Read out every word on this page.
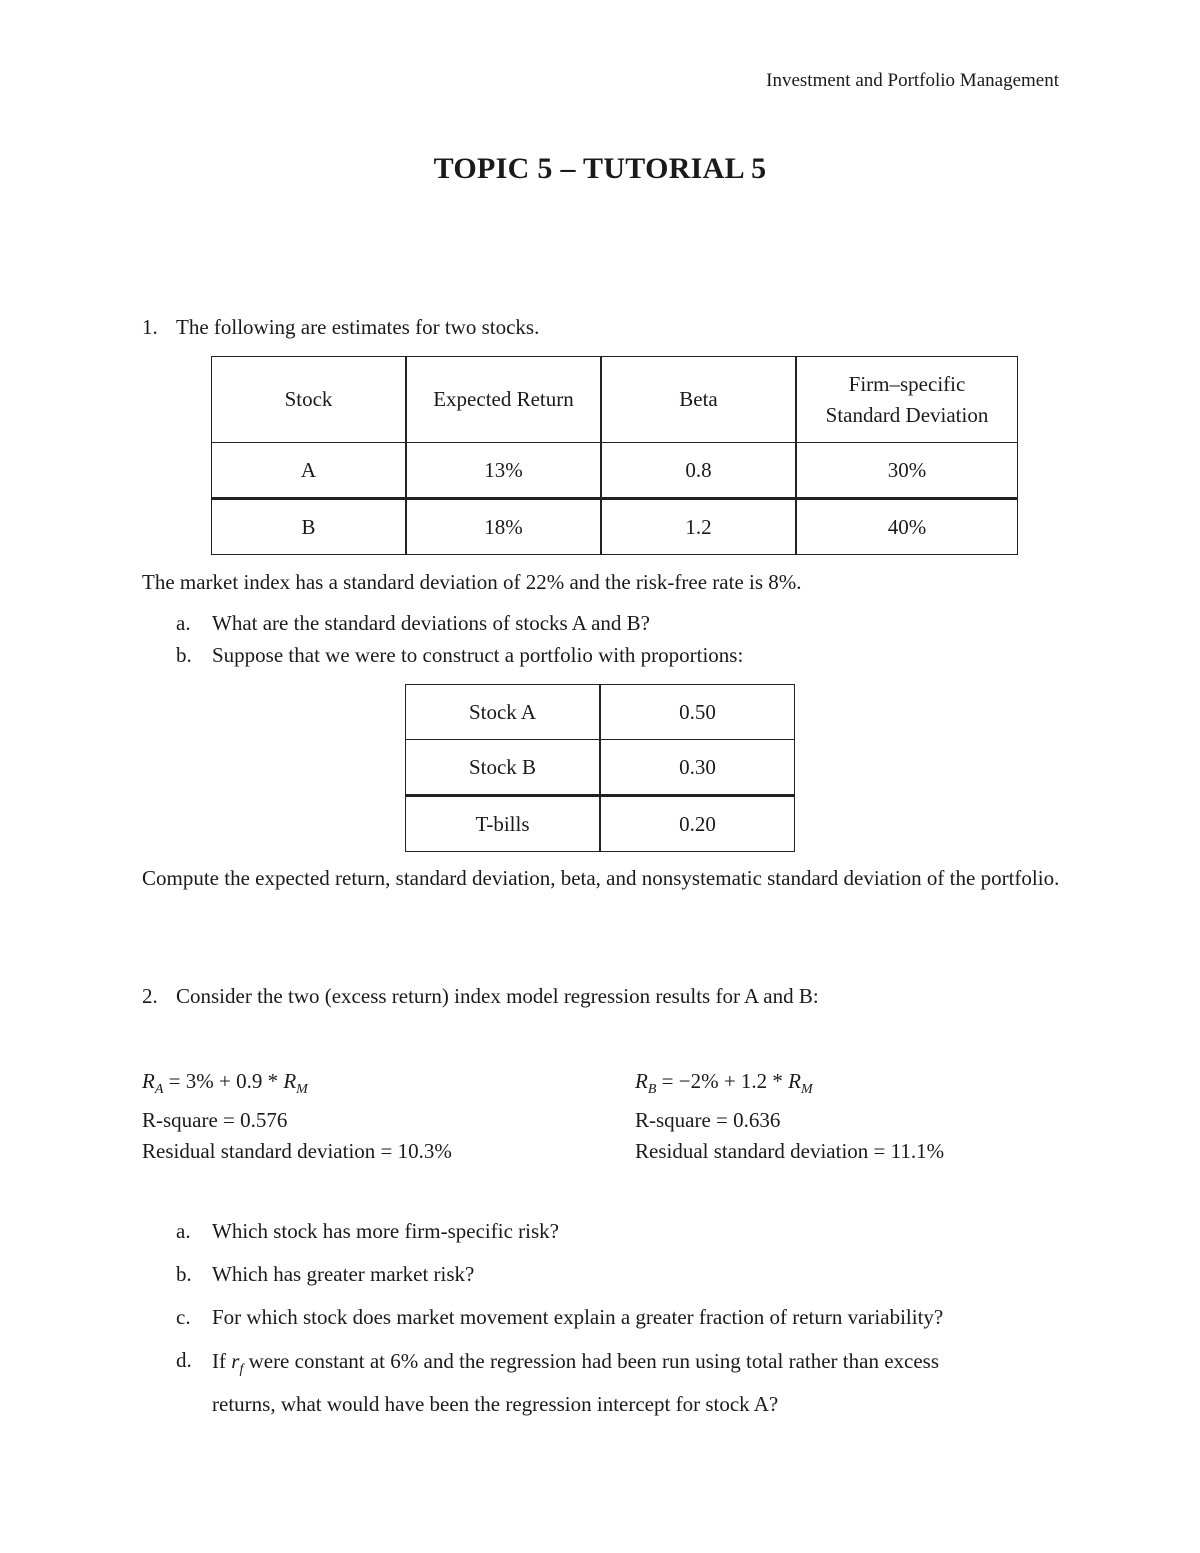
Investment and Portfolio Management
TOPIC 5 – TUTORIAL 5
1. The following are estimates for two stocks.
Stock	Expected Return	Beta	Firm–specific
Standard Deviation

A	13%	0.8	30%
B	18%	1.2	40%
The market index has a standard deviation of 22% and the risk-free rate is 8%.
a. What are the standard deviations of stocks A and B?
b. Suppose that we were to construct a portfolio with proportions:
Stock A	0.50
Stock B	0.30
T-bills	0.20
Compute the expected return, standard deviation, beta, and nonsystematic standard deviation of the portfolio.
2. Consider the two (excess return) index model regression results for A and B:
$R_A = 3\% + 0.9 * R_M$
R-square = 0.576
Residual standard deviation = 10.3%
$R_B = -2\% + 1.2 * R_M$
R-square = 0.636
Residual standard deviation = 11.1%
a. Which stock has more firm-specific risk?
b. Which has greater market risk?
c. For which stock does market movement explain a greater fraction of return variability?
d. If $r_f$ were constant at 6% and the regression had been run using total rather than excess
returns, what would have been the regression intercept for stock A?
